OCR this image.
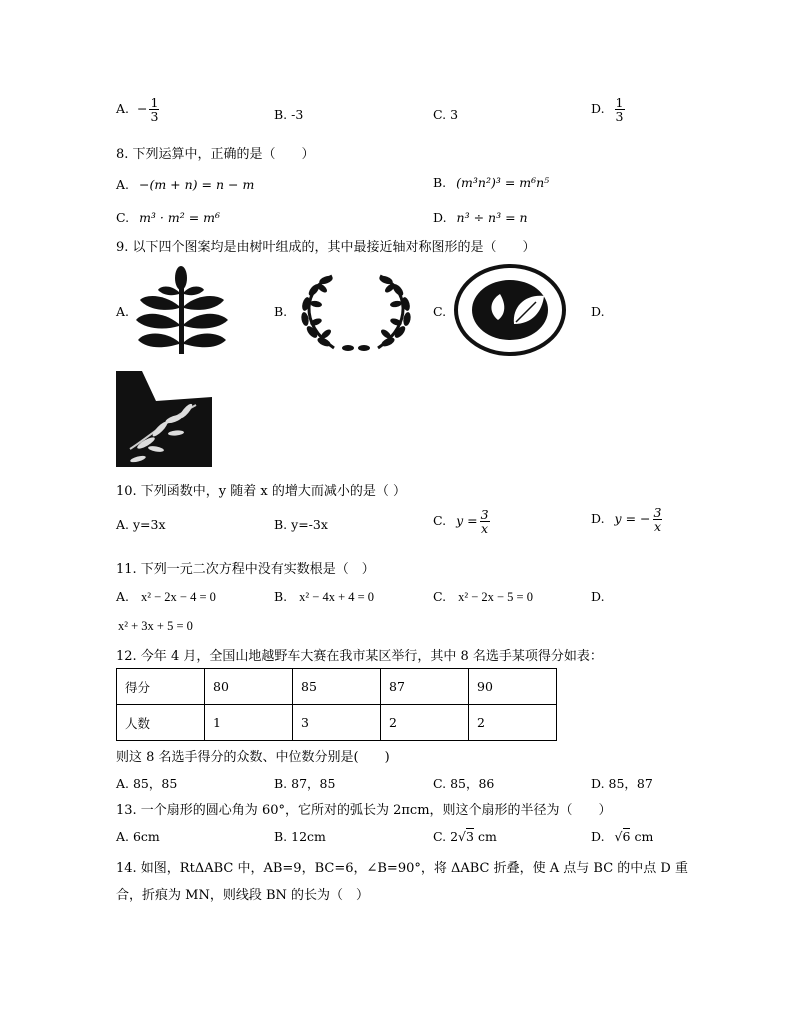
A. − $\frac{1}{3}$	B. -3	C. 3	D. $\frac{1}{3}$
8. 下列运算中，正确的是（　　）
A. −(m + n) = n − m	B. (m³n²)³ = m⁶n⁵
C. m³ · m² = m⁶	D. n³ ÷ n³ = n
9. 以下四个图案均是由树叶组成的，其中最接近轴对称图形的是（　　）
A.	B.	C.	D.
10. 下列函数中，y 随着 x 的增大而减小的是（ ）
A. y=3x	B. y=-3x	C. $y = \frac{3}{x}$	D. y = − $\frac{3}{x}$
11. 下列一元二次方程中没有实数根是（　）
A. x² − 2x − 4 = 0	B. x² − 4x + 4 = 0	C. x² − 2x − 5 = 0	D.
x² + 3x + 5 = 0
12. 今年 4 月，全国山地越野车大赛在我市某区举行，其中 8 名选手某项得分如表：
得分	80	85	87	90
人数	1	3	2	2
则这 8 名选手得分的众数、中位数分别是(　　)
A. 85，85	B. 87，85	C. 85，86	D. 85，87
13. 一个扇形的圆心角为 60°，它所对的弧长为 2πcm，则这个扇形的半径为（　　）
A. 6cm	B. 12cm	C. 2√3 cm	D. √6 cm
14. 如图，RtΔABC 中，AB=9，BC=6，∠B=90°，将 ΔABC 折叠，使 A 点与 BC 的中点 D 重
合，折痕为 MN，则线段 BN 的长为（　）
